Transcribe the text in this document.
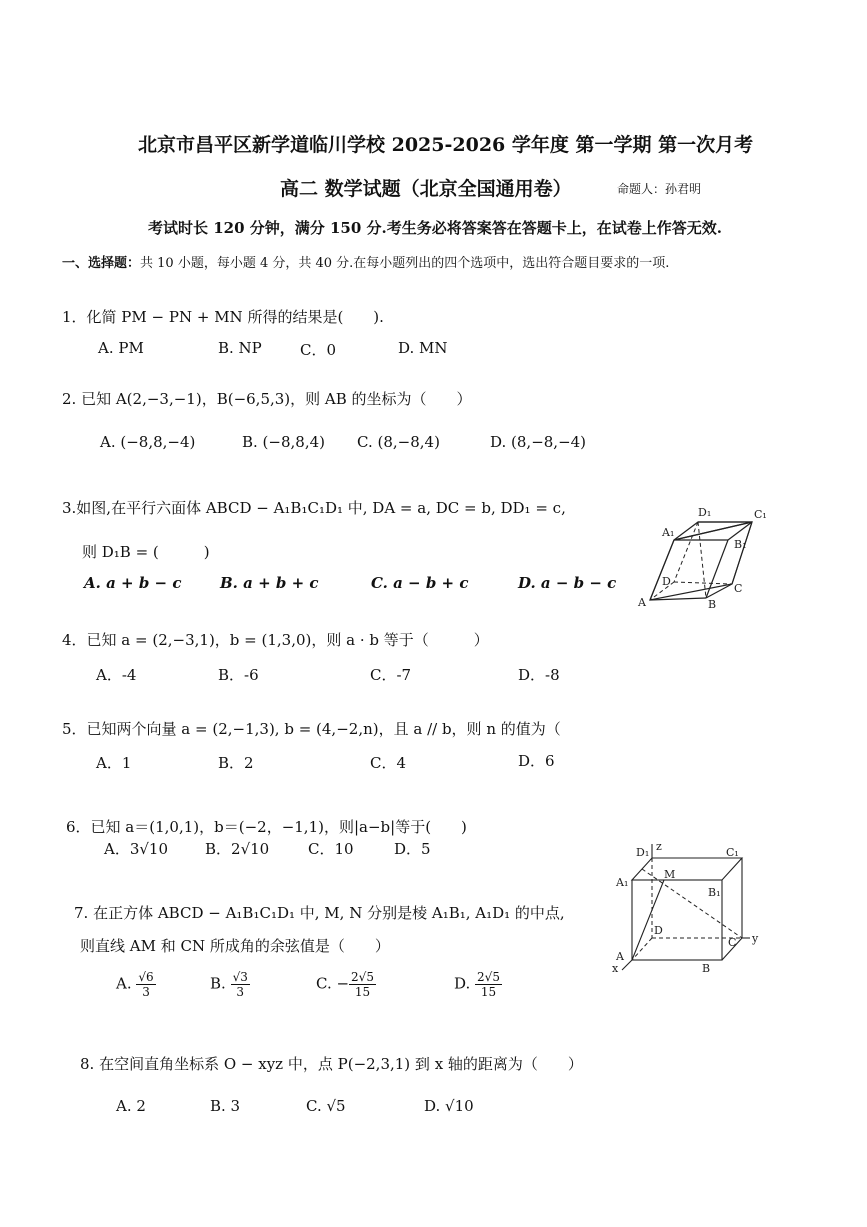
北京市昌平区新学道临川学校 2025-2026 学年度 第一学期 第一次月考
高二 数学试题（北京全国通用卷）	命题人：孙君明
考试时长 120 分钟，满分 150 分.考生务必将答案答在答题卡上，在试卷上作答无效.
一、选择题：共 10 小题，每小题 4 分，共 40 分.在每小题列出的四个选项中，选出符合题目要求的一项.
1．化简 PM − PN + MN 所得的结果是(　　).
A. PM	B. NP	C．0	D. MN
2. 已知 A(2,−3,−1)，B(−6,5,3)，则 AB 的坐标为（　　）
A. (−8,8,−4)	B. (−8,8,4) C. (8,−8,4)	D. (8,−8,−4)
3.如图,在平行六面体 ABCD − A₁B₁C₁D₁ 中, DA = a, DC = b, DD₁ = c,
则 D₁B = (　　　)
A. a + b − c	B. a + b + c	C. a − b + c	D. a − b − c
D₁	C₁
A₁
B₁
D
C
A	B
4．已知 a = (2,−3,1)，b = (1,3,0)，则 a · b 等于（　　　）
A．-4	B．-6	C．-7	D．-8
5．已知两个向量 a = (2,−1,3), b = (4,−2,n)，且 a // b，则 n 的值为（
A．1	B．2	C．4	D．6
6．已知 a＝(1,0,1)，b＝(−2，−1,1)，则|a−b|等于(　　)
A．3√10 B．2√10	C．10	D．5
7. 在正方体 ABCD − A₁B₁C₁D₁ 中, M, N 分别是棱 A₁B₁, A₁D₁ 的中点,
则直线 AM 和 CN 所成角的余弦值是（　　）
A. $\frac{√6}{3}$	B. $\frac{√3}{3}$	C. − $\frac{2√5}{15}$	D. $\frac{2√5}{15}$
D₁ z	C₁
A₁
M
B₁
D
C y
A
B
x
8. 在空间直角坐标系 O − xyz 中，点 P(−2,3,1) 到 x 轴的距离为（　　）
A. 2	B. 3	C. √5	D. √10
